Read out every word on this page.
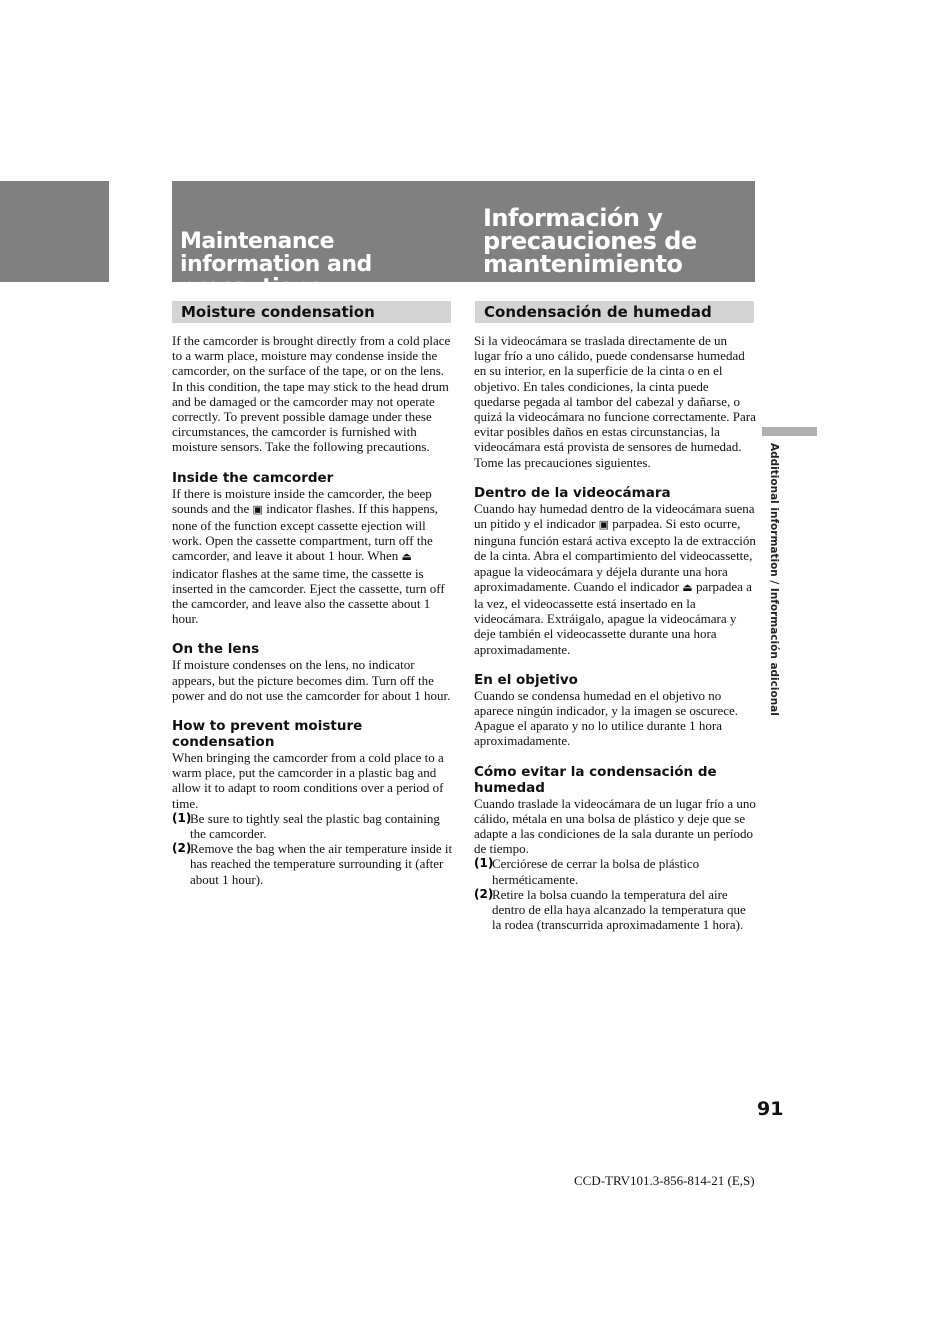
Maintenance information and precautions
Información y precauciones de mantenimiento
Moisture condensation	Condensación de humedad

If the camcorder is brought directly from a cold place to a warm place, moisture may condense inside the camcorder, on the surface of the tape, or on the lens. In this condition, the tape may stick to the head drum and be damaged or the camcorder may not operate correctly. To prevent possible damage under these circumstances, the camcorder is furnished with moisture sensors. Take the following precautions.

Inside the camcorder

If there is moisture inside the camcorder, the beep sounds and the ▣ indicator flashes. If this happens, none of the function except cassette ejection will work. Open the cassette compartment, turn off the camcorder, and leave it about 1 hour. When ⏏ indicator flashes at the same time, the cassette is inserted in the camcorder. Eject the cassette, turn off the camcorder, and leave also the cassette about 1 hour.

On the lens

If moisture condenses on the lens, no indicator appears, but the picture becomes dim. Turn off the power and do not use the camcorder for about 1 hour.

How to prevent moisture condensation

When bringing the camcorder from a cold place to a warm place, put the camcorder in a plastic bag and allow it to adapt to room conditions over a period of time.

(1)
Be sure to tightly seal the plastic bag containing the camcorder.
(2)
Remove the bag when the air temperature inside it has reached the temperature surrounding it (after about 1 hour).

Si la videocámara se traslada directamente de un lugar frío a uno cálido, puede condensarse humedad en su interior, en la superficie de la cinta o en el objetivo. En tales condiciones, la cinta puede quedarse pegada al tambor del cabezal y dañarse, o quizá la videocámara no funcione correctamente. Para evitar posibles daños en estas circunstancias, la videocámara está provista de sensores de humedad. Tome las precauciones siguientes.

Dentro de la videocámara

Cuando hay humedad dentro de la videocámara suena un pitido y el indicador ▣ parpadea. Si esto ocurre, ninguna función estará activa excepto la de extracción de la cinta. Abra el compartimiento del videocassette, apague la videocámara y déjela durante una hora aproximadamente. Cuando el indicador ⏏ parpadea a la vez, el videocassette está insertado en la videocámara. Extráigalo, apague la videocámara y deje también el videocassette durante una hora aproximadamente.

En el objetivo

Cuando se condensa humedad en el objetivo no aparece ningún indicador, y la imagen se oscurece. Apague el aparato y no lo utilice durante 1 hora aproximadamente.

Cómo evitar la condensación de humedad

Cuando traslade la videocámara de un lugar frío a uno cálido, métala en una bolsa de plástico y deje que se adapte a las condiciones de la sala durante un período de tiempo.

(1)
Cerciórese de cerrar la bolsa de plástico herméticamente.
(2)
Retire la bolsa cuando la temperatura del aire dentro de ella haya alcanzado la temperatura que la rodea (transcurrida aproximadamente 1 hora).
Additional information / Información adicional
91
CCD-TRV101.3-856-814-21 (E,S)
